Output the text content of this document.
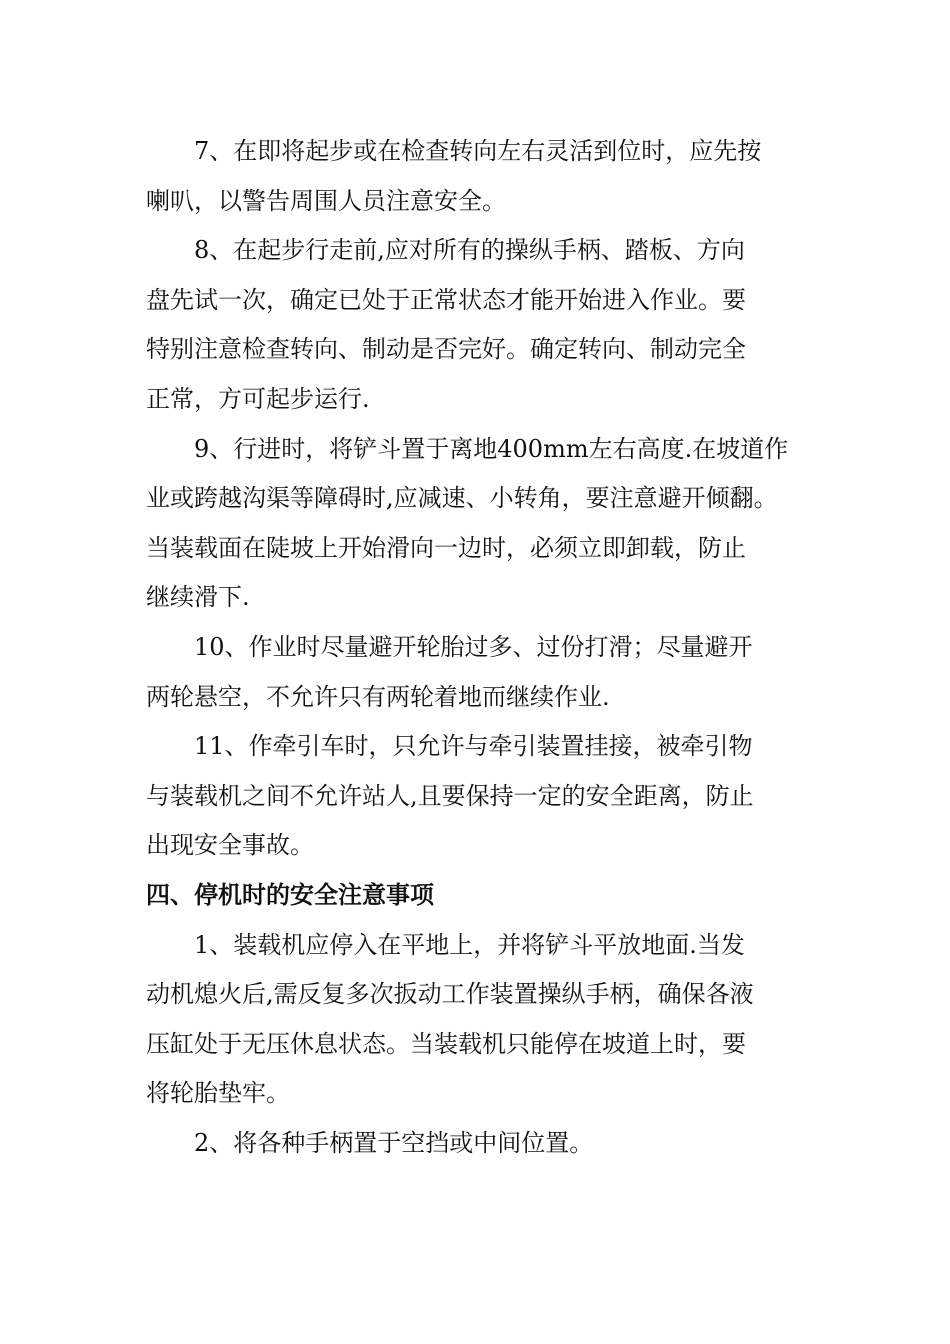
7、在即将起步或在检查转向左右灵活到位时，应先按
喇叭，以警告周围人员注意安全。

8、在起步行走前,应对所有的操纵手柄、踏板、方向
盘先试一次，确定已处于正常状态才能开始进入作业。要
特别注意检查转向、制动是否完好。确定转向、制动完全
正常，方可起步运行.

9、行进时，将铲斗置于离地400mm左右高度.在坡道作
业或跨越沟渠等障碍时,应减速、小转角，要注意避开倾翻。
当装载面在陡坡上开始滑向一边时，必须立即卸载，防止
继续滑下.

10、作业时尽量避开轮胎过多、过份打滑；尽量避开
两轮悬空，不允许只有两轮着地而继续作业.

11、作牵引车时，只允许与牵引装置挂接，被牵引物
与装载机之间不允许站人,且要保持一定的安全距离，防止
出现安全事故。

四、停机时的安全注意事项

1、装载机应停入在平地上，并将铲斗平放地面.当发
动机熄火后,需反复多次扳动工作装置操纵手柄，确保各液
压缸处于无压休息状态。当装载机只能停在坡道上时，要
将轮胎垫牢。

2、将各种手柄置于空挡或中间位置。
